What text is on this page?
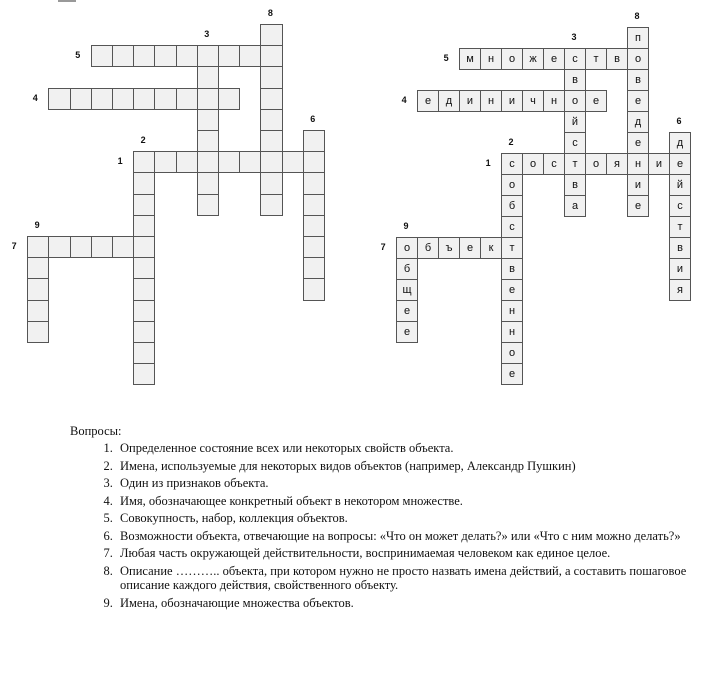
8
3
5
4
6
2
1
9
7
с	о	с	т	о	я	н	и	е
о
б
с
т
в
е
н
н
о
е
с
в
о
й
с
в
а
е	д	и	н	и	ч	н	е
м	н	о	ж	е	т	в	о
д
й
с
т
в
и
я
о	б	ъ	е	к
п
в
е
д
е
и
е
б
щ
е
е
8
3
5
4
6
2
1
9
7
Вопросы:
1. Определенное состояние всех или некоторых свойств объекта.
2. Имена, используемые для некоторых видов объектов (например, Александр Пушкин)
3. Один из признаков объекта.
4. Имя, обозначающее конкретный объект в некотором множестве.
5. Совокупность, набор, коллекция объектов.
6. Возможности объекта, отвечающие на вопросы: «Что он может делать?» или «Что с ним можно делать?»
7. Любая часть окружающей действительности, воспринимаемая человеком как единое целое.
8. Описание ……….. объекта, при котором нужно не просто назвать имена действий, а составить пошаговое описание каждого действия, свойственного объекту.
9. Имена, обозначающие множества объектов.
